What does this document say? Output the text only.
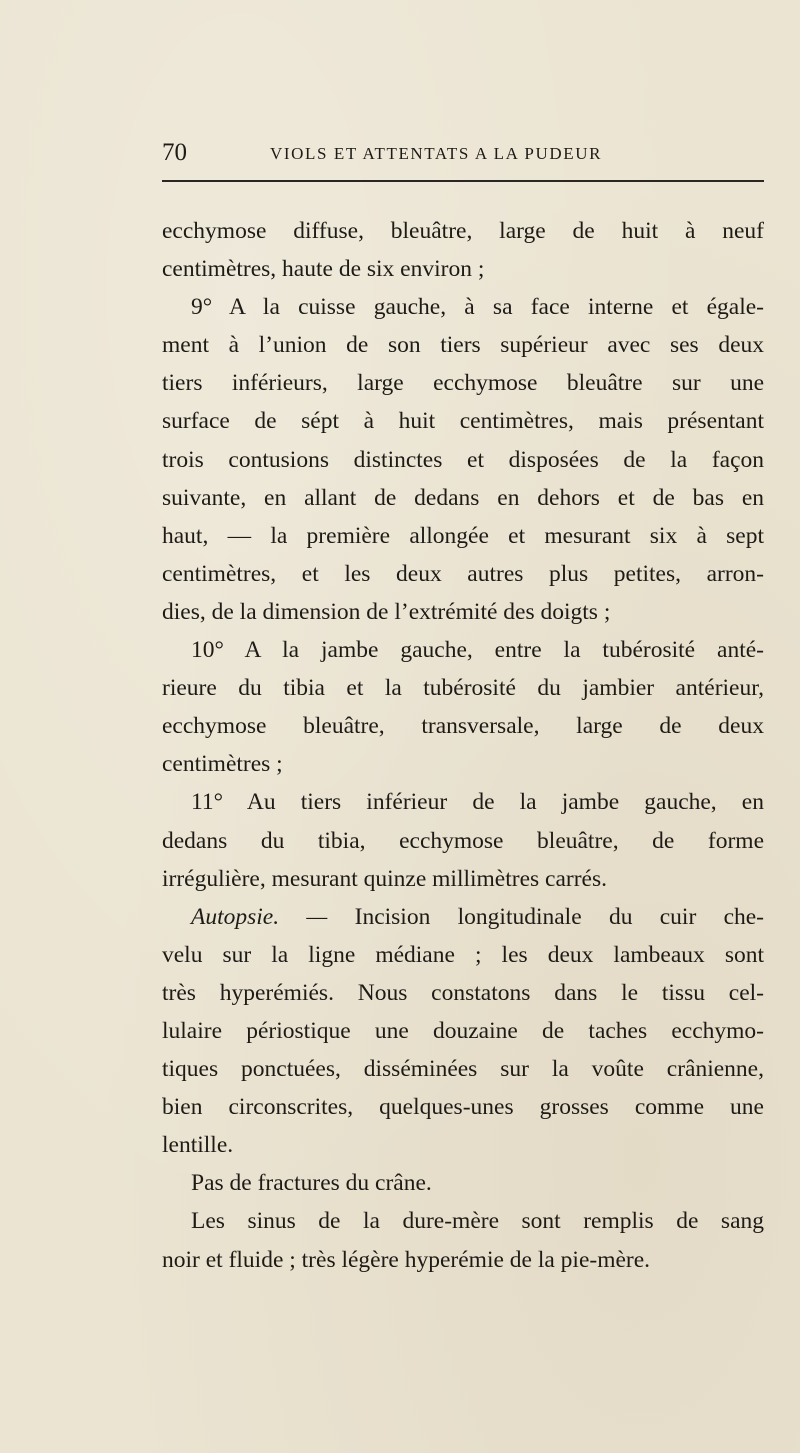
70	VIOLS ET ATTENTATS A LA PUDEUR
ecchymose diffuse, bleuâtre, large de huit à neuf
centimètres, haute de six environ ;
9° A la cuisse gauche, à sa face interne et égale-
ment à l’union de son tiers supérieur avec ses deux
tiers inférieurs, large ecchymose bleuâtre sur une
surface de sépt à huit centimètres, mais présentant
trois contusions distinctes et disposées de la façon
suivante, en allant de dedans en dehors et de bas en
haut, — la première allongée et mesurant six à sept
centimètres, et les deux autres plus petites, arron-
dies, de la dimension de l’extrémité des doigts ;
10° A la jambe gauche, entre la tubérosité anté-
rieure du tibia et la tubérosité du jambier antérieur,
ecchymose bleuâtre, transversale, large de deux
centimètres ;
11° Au tiers inférieur de la jambe gauche, en
dedans du tibia, ecchymose bleuâtre, de forme
irrégulière, mesurant quinze millimètres carrés.
Autopsie. — Incision longitudinale du cuir che-
velu sur la ligne médiane ; les deux lambeaux sont
très hyperémiés. Nous constatons dans le tissu cel-
lulaire périostique une douzaine de taches ecchymo-
tiques ponctuées, disséminées sur la voûte crânienne,
bien circonscrites, quelques-unes grosses comme une
lentille.
Pas de fractures du crâne.
Les sinus de la dure-mère sont remplis de sang
noir et fluide ; très légère hyperémie de la pie-mère.
